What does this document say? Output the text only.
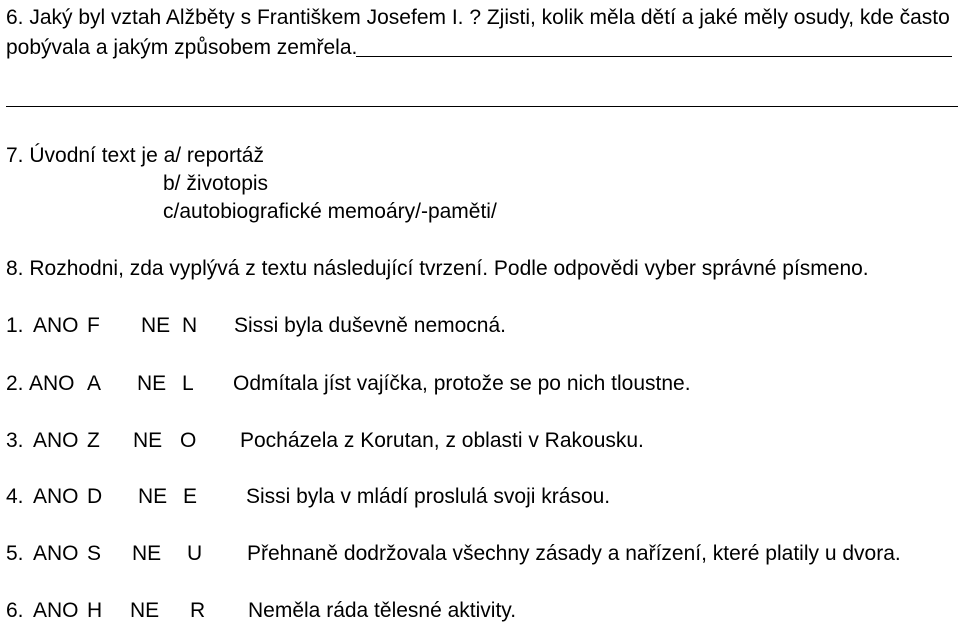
6. Jaký byl vztah Alžběty s Františkem Josefem I. ? Zjisti, kolik měla dětí a jaké měly osudy, kde často
pobývala a jakým způsobem zemřela.
7. Úvodní text je a/ reportáž
b/ životopis
c/autobiografické memoáry/-paměti/
8. Rozhodni, zda vyplývá z textu následující tvrzení. Podle odpovědi vyber správné písmeno.
1. ANO F NE N Sissi byla duševně nemocná.
2. ANO A NE L Odmítala jíst vajíčka, protože se po nich tloustne.
3. ANO Z NE O Pocházela z Korutan, z oblasti v Rakousku.
4. ANO D NE E Sissi byla v mládí proslulá svoji krásou.
5. ANO S NE U Přehnaně dodržovala všechny zásady a nařízení, které platily u dvora.
6. ANO H NE R Neměla ráda tělesné aktivity.
